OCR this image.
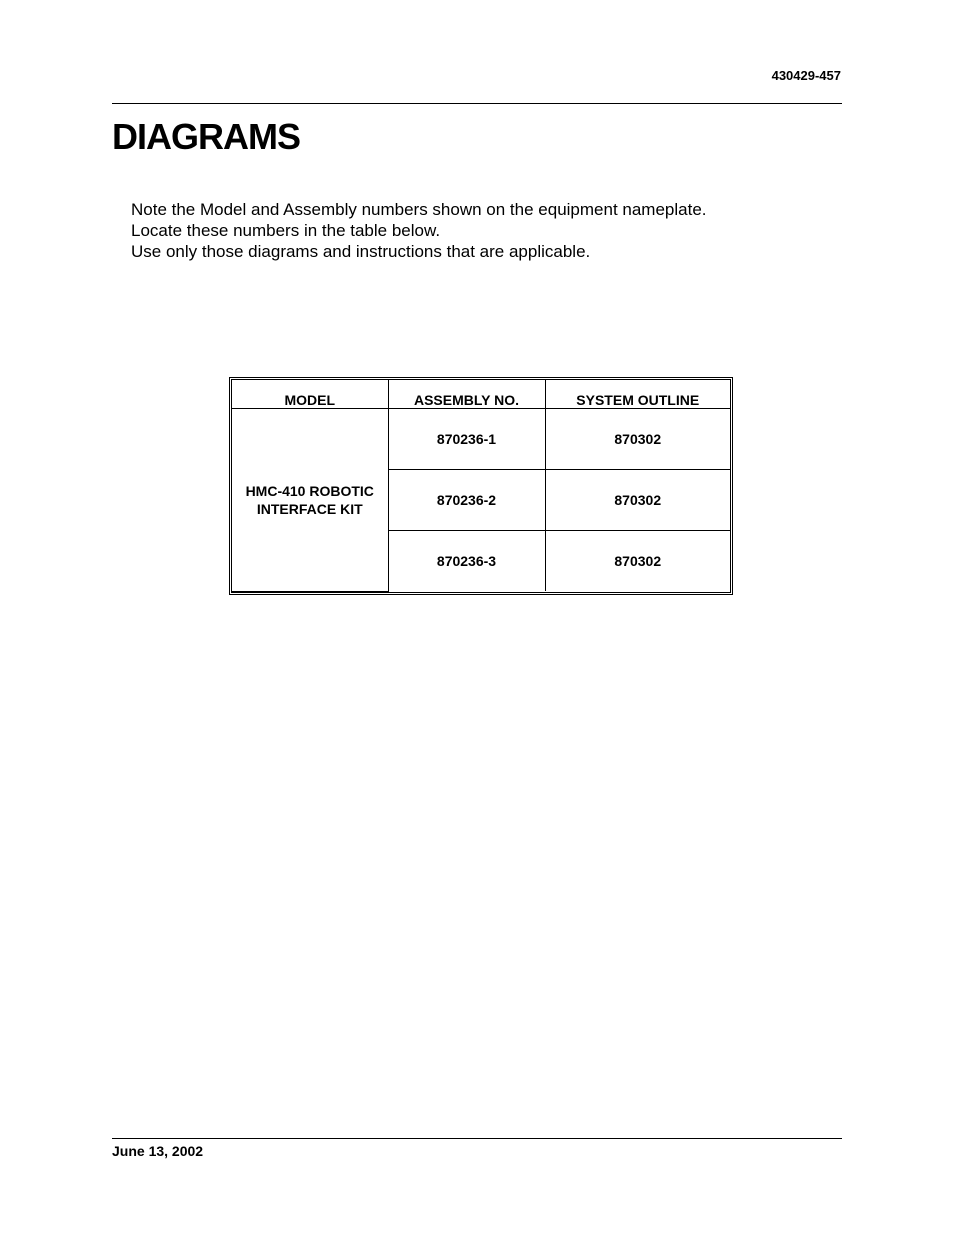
430429-457
DIAGRAMS
Note the Model and Assembly numbers shown on the equipment nameplate.
Locate these numbers in the table below.
Use only those diagrams and instructions that are applicable.
MODEL	ASSEMBLY NO.	SYSTEM OUTLINE

HMC-410 ROBOTIC
INTERFACE KIT	870236-1	870302
	870236-2	870302
	870236-3	870302
June 13, 2002
